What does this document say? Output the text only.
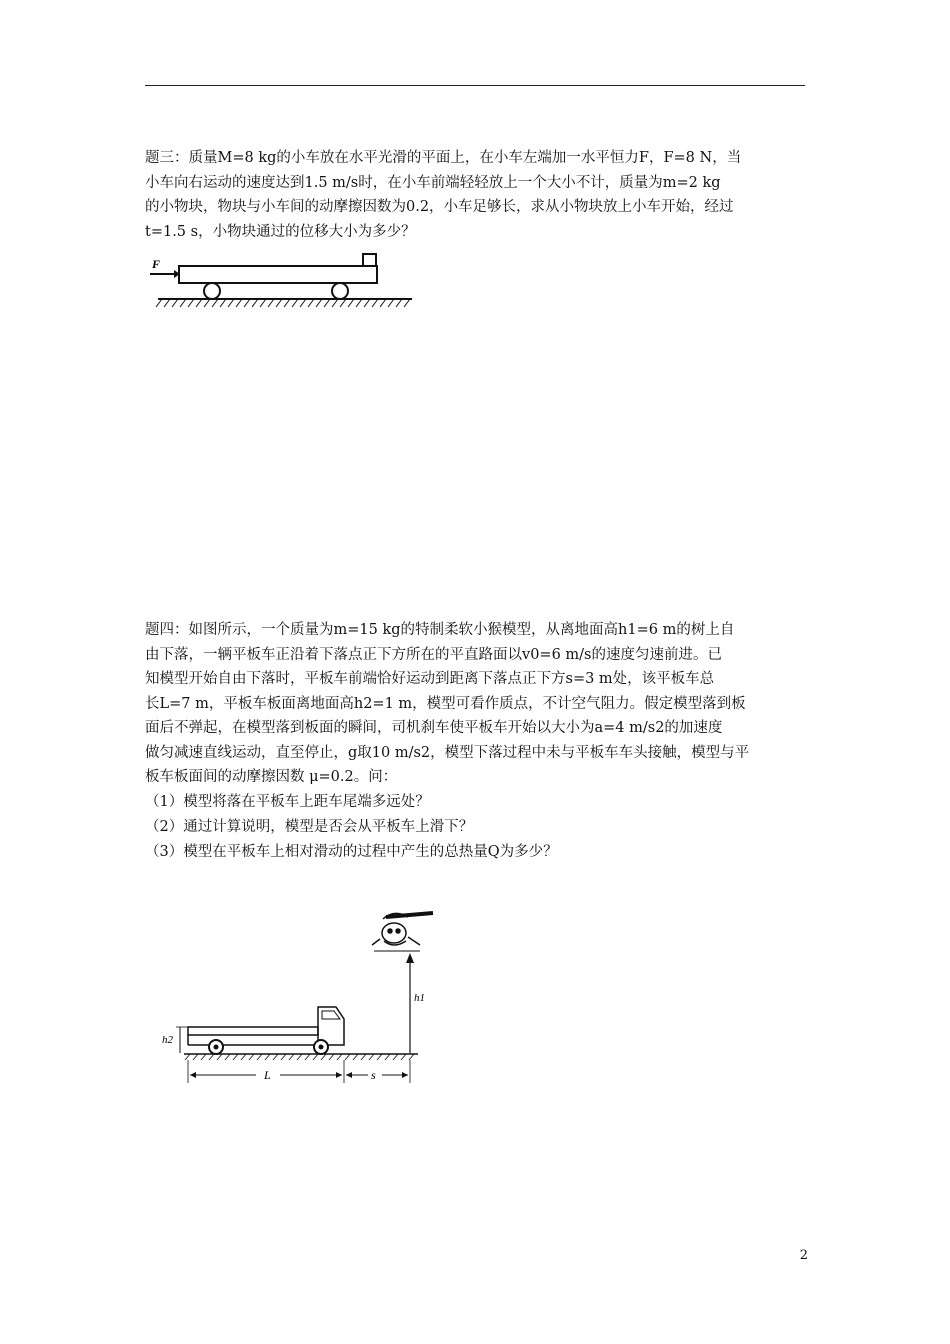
题三：质量M=8 kg的小车放在水平光滑的平面上，在小车左端加一水平恒力F，F=8 N，当
小车向右运动的速度达到1.5 m/s时，在小车前端轻轻放上一个大小不计，质量为m=2 kg
的小物块，物块与小车间的动摩擦因数为0.2，小车足够长，求从小物块放上小车开始，经过
t=1.5 s，小物块通过的位移大小为多少？

F

题四：如图所示，一个质量为m=15 kg的特制柔软小猴模型，从离地面高h1=6 m的树上自
由下落，一辆平板车正沿着下落点正下方所在的平直路面以v0=6 m/s的速度匀速前进。已
知模型开始自由下落时，平板车前端恰好运动到距离下落点正下方s=3 m处，该平板车总
长L=7 m，平板车板面离地面高h2=1 m，模型可看作质点，不计空气阻力。假定模型落到板
面后不弹起，在模型落到板面的瞬间，司机刹车使平板车开始以大小为a=4 m/s2的加速度
做匀减速直线运动，直至停止，g取10 m/s2，模型下落过程中未与平板车车头接触，模型与平
板车板面间的动摩擦因数 μ=0.2。问：

（1）模型将落在平板车上距车尾端多远处？
（2）通过计算说明，模型是否会从平板车上滑下？
（3）模型在平板车上相对滑动的过程中产生的总热量Q为多少？
h1
h2
L	s
2
